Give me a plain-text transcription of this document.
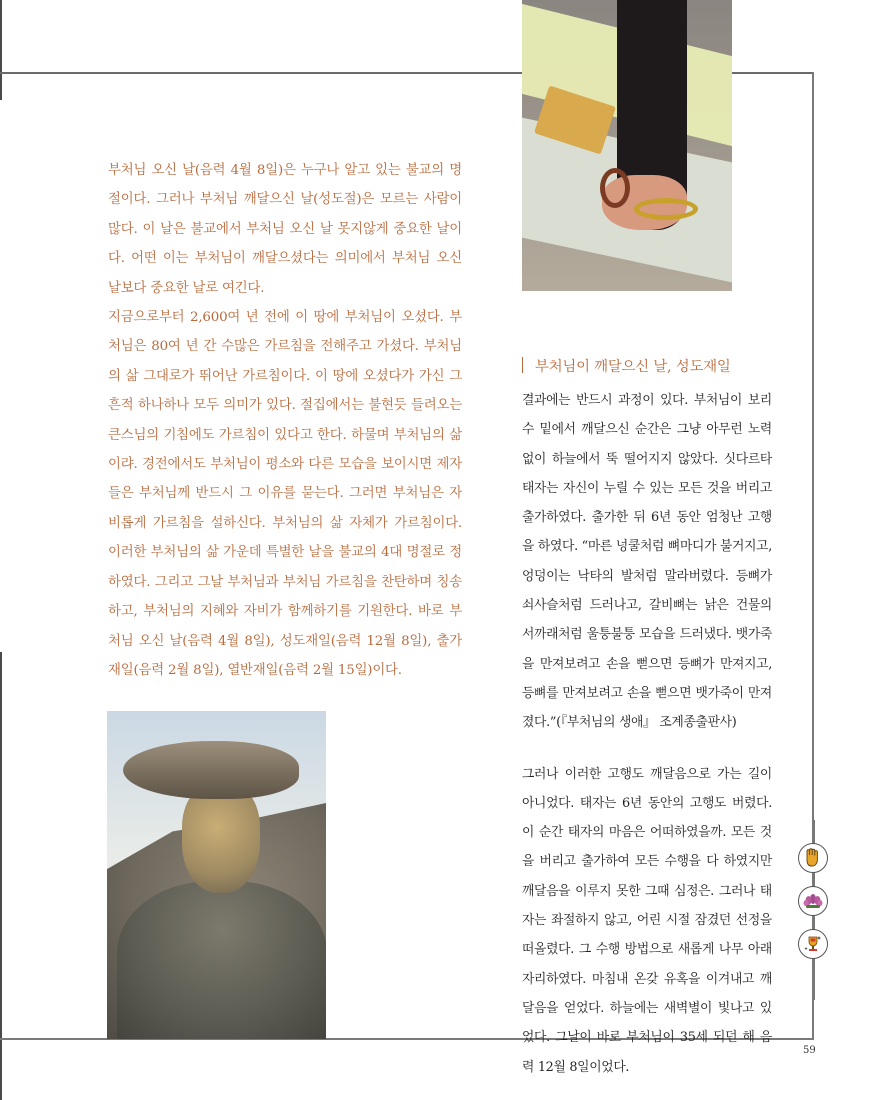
부처님 오신 날(음력 4월 8일)은 누구나 알고 있는 불교의 명절이다. 그러나 부처님 깨달으신 날(성도절)은 모르는 사람이 많다. 이 날은 불교에서 부처님 오신 날 못지않게 중요한 날이다. 어떤 이는 부처님이 깨달으셨다는 의미에서 부처님 오신 날보다 중요한 날로 여긴다.

지금으로부터 2,600여 년 전에 이 땅에 부처님이 오셨다. 부처님은 80여 년 간 수많은 가르침을 전해주고 가셨다. 부처님의 삶 그대로가 뛰어난 가르침이다. 이 땅에 오셨다가 가신 그 흔적 하나하나 모두 의미가 있다. 절집에서는 불현듯 들려오는 큰스님의 기침에도 가르침이 있다고 한다. 하물며 부처님의 삶이랴. 경전에서도 부처님이 평소와 다른 모습을 보이시면 제자들은 부처님께 반드시 그 이유를 묻는다. 그러면 부처님은 자비롭게 가르침을 설하신다. 부처님의 삶 자체가 가르침이다. 이러한 부처님의 삶 가운데 특별한 날을 불교의 4대 명절로 정하였다. 그리고 그날 부처님과 부처님 가르침을 찬탄하며 칭송하고, 부처님의 지혜와 자비가 함께하기를 기원한다. 바로 부처님 오신 날(음력 4월 8일), 성도재일(음력 12월 8일), 출가재일(음력 2월 8일), 열반재일(음력 2월 15일)이다.

부처님이 깨달으신 날, 성도재일

결과에는 반드시 과정이 있다. 부처님이 보리수 밑에서 깨달으신 순간은 그냥 아무런 노력 없이 하늘에서 뚝 떨어지지 않았다. 싯다르타 태자는 자신이 누릴 수 있는 모든 것을 버리고 출가하였다. 출가한 뒤 6년 동안 엄청난 고행을 하였다. “마른 넝쿨처럼 뼈마디가 불거지고, 엉덩이는 낙타의 발처럼 말라버렸다. 등뼈가 쇠사슬처럼 드러나고, 갈비뼈는 낡은 건물의 서까래처럼 울퉁불퉁 모습을 드러냈다. 뱃가죽을 만져보려고 손을 뻗으면 등뼈가 만져지고, 등뼈를 만져보려고 손을 뻗으면 뱃가죽이 만져졌다.”(『부처님의 생애』 조계종출판사)

그러나 이러한 고행도 깨달음으로 가는 길이 아니었다. 태자는 6년 동안의 고행도 버렸다. 이 순간 태자의 마음은 어떠하였을까. 모든 것을 버리고 출가하여 모든 수행을 다 하였지만 깨달음을 이루지 못한 그때 심정은. 그러나 태자는 좌절하지 않고, 어린 시절 잠겼던 선정을 떠올렸다. 그 수행 방법으로 새롭게 나무 아래 자리하였다. 마침내 온갖 유혹을 이겨내고 깨달음을 얻었다. 하늘에는 새벽별이 빛나고 있었다. 그날이 바로 부처님이 35세 되던 해 음력 12월 8일이었다.

59
